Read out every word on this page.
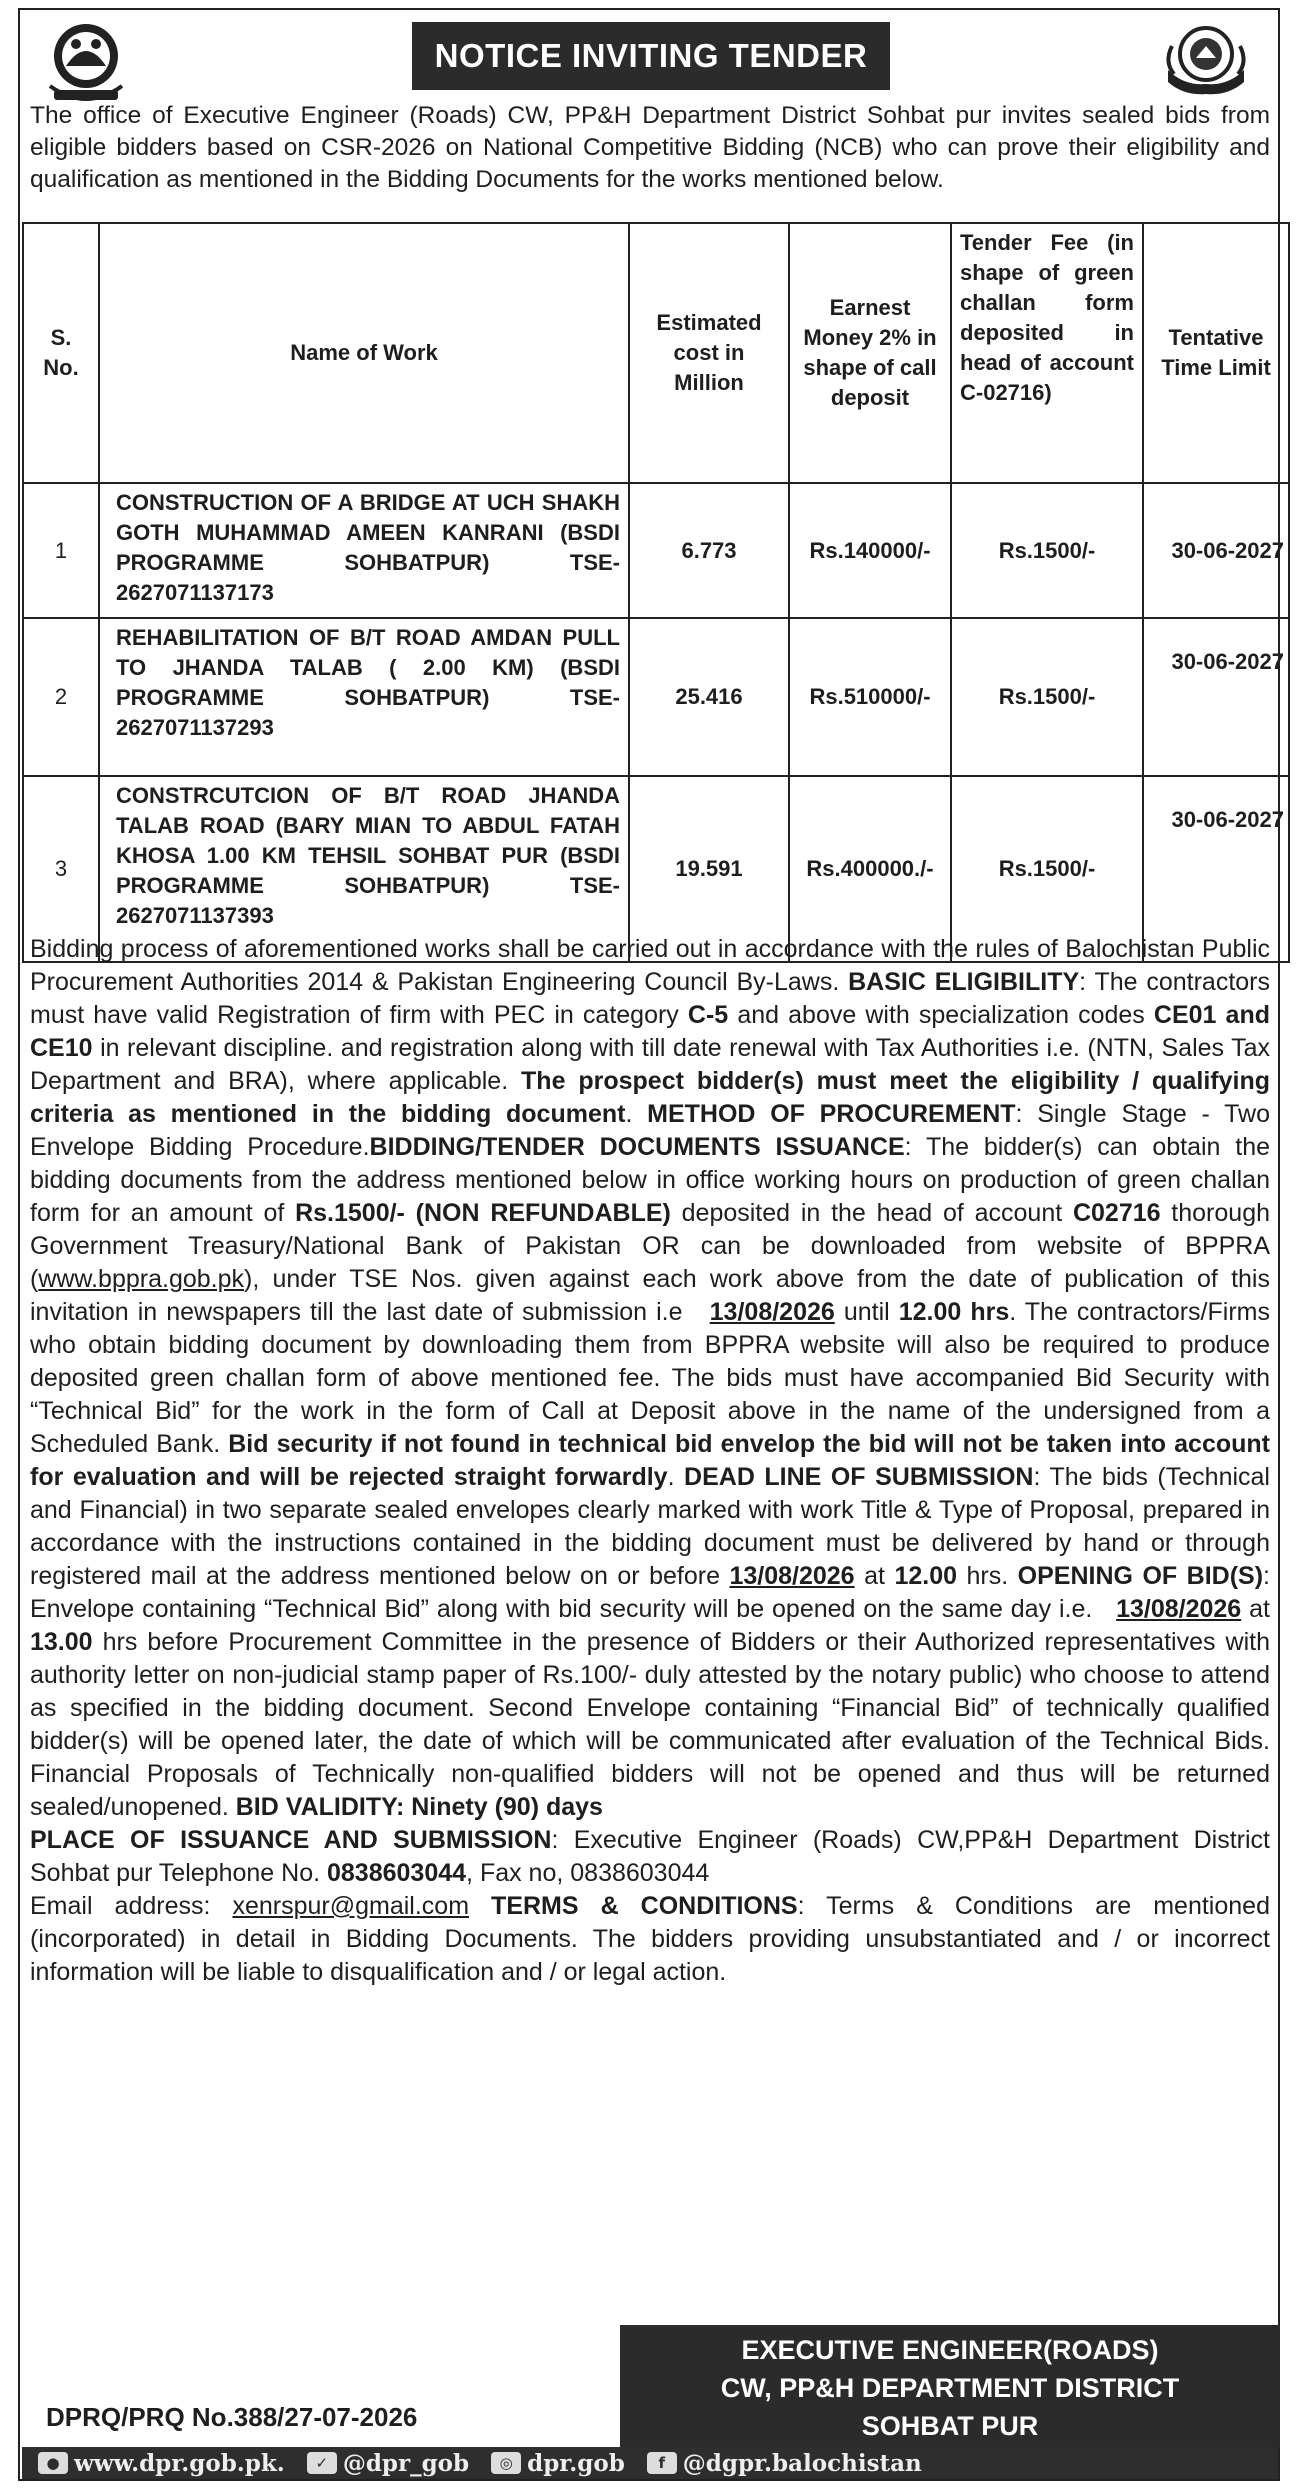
NOTICE INVITING TENDER
The office of Executive Engineer (Roads) CW, PP&H Department District Sohbat pur invites sealed bids from eligible bidders based on CSR-2026 on National Competitive Bidding (NCB) who can prove their eligibility and qualification as mentioned in the Bidding Documents for the works mentioned below.
S. No.	Name of Work	Estimated cost in Million	Earnest Money 2% in shape of call deposit	Tender Fee (in shape of green challan form deposited in head of account C-02716)	Tentative Time Limit
1	CONSTRUCTION OF A BRIDGE AT UCH SHAKH GOTH MUHAMMAD AMEEN KANRANI (BSDI PROGRAMME SOHBATPUR) TSE-2627071137173	6.773	Rs.140000/-	Rs.1500/-	30-06-2027
2	REHABILITATION OF B/T ROAD AMDAN PULL TO JHANDA TALAB ( 2.00 KM) (BSDI PROGRAMME SOHBATPUR) TSE- 2627071137293	25.416	Rs.510000/-	Rs.1500/-	30-06-2027
3	CONSTRCUTCION OF B/T ROAD JHANDA TALAB ROAD (BARY MIAN TO ABDUL FATAH KHOSA 1.00 KM TEHSIL SOHBAT PUR (BSDI PROGRAMME SOHBATPUR) TSE-2627071137393	19.591	Rs.400000./-	Rs.1500/-	30-06-2027
Bidding process of aforementioned works shall be carried out in accordance with the rules of Balochistan Public Procurement Authorities 2014 & Pakistan Engineering Council By-Laws. BASIC ELIGIBILITY: The contractors must have valid Registration of firm with PEC in category C-5 and above with specialization codes CE01 and CE10 in relevant discipline. and registration along with till date renewal with Tax Authorities i.e. (NTN, Sales Tax Department and BRA), where applicable. The prospect bidder(s) must meet the eligibility / qualifying criteria as mentioned in the bidding document. METHOD OF PROCUREMENT: Single Stage - Two Envelope Bidding Procedure.BIDDING/TENDER DOCUMENTS ISSUANCE: The bidder(s) can obtain the bidding documents from the address mentioned below in office working hours on production of green challan form for an amount of Rs.1500/- (NON REFUNDABLE) deposited in the head of account C02716 thorough Government Treasury/National Bank of Pakistan OR can be downloaded from website of BPPRA (www.bppra.gob.pk), under TSE Nos. given against each work above from the date of publication of this invitation in newspapers till the last date of submission i.e   13/08/2026 until 12.00 hrs. The contractors/Firms who obtain bidding document by downloading them from BPPRA website will also be required to produce deposited green challan form of above mentioned fee. The bids must have accompanied Bid Security with “Technical Bid” for the work in the form of Call at Deposit above in the name of the undersigned from a Scheduled Bank. Bid security if not found in technical bid envelop the bid will not be taken into account for evaluation and will be rejected straight forwardly. DEAD LINE OF SUBMISSION: The bids (Technical and Financial) in two separate sealed envelopes clearly marked with work Title & Type of Proposal, prepared in accordance with the instructions contained in the bidding document must be delivered by hand or through registered mail at the address mentioned below on or before 13/08/2026 at 12.00 hrs. OPENING OF BID(S): Envelope containing “Technical Bid” along with bid security will be opened on the same day i.e.   13/08/2026 at 13.00 hrs before Procurement Committee in the presence of Bidders or their Authorized representatives with authority letter on non-judicial stamp paper of Rs.100/- duly attested by the notary public) who choose to attend as specified in the bidding document. Second Envelope containing “Financial Bid” of technically qualified bidder(s) will be opened later, the date of which will be communicated after evaluation of the Technical Bids. Financial Proposals of Technically non-qualified bidders will not be opened and thus will be returned sealed/unopened. BID VALIDITY: Ninety (90) days
PLACE OF ISSUANCE AND SUBMISSION: Executive Engineer (Roads) CW,PP&H Department District Sohbat pur Telephone No. 0838603044, Fax no, 0838603044
Email address: xenrspur@gmail.com TERMS & CONDITIONS: Terms & Conditions are mentioned (incorporated) in detail in Bidding Documents. The bidders providing unsubstantiated and / or incorrect information will be liable to disqualification and / or legal action.
EXECUTIVE ENGINEER(ROADS)
CW, PP&H DEPARTMENT DISTRICT
SOHBAT PUR
DPRQ/PRQ No.388/27-07-2026
● www.dpr.gob.pk.	✓ @dpr_gob	◎ dpr.gob	f @dgpr.balochistan
